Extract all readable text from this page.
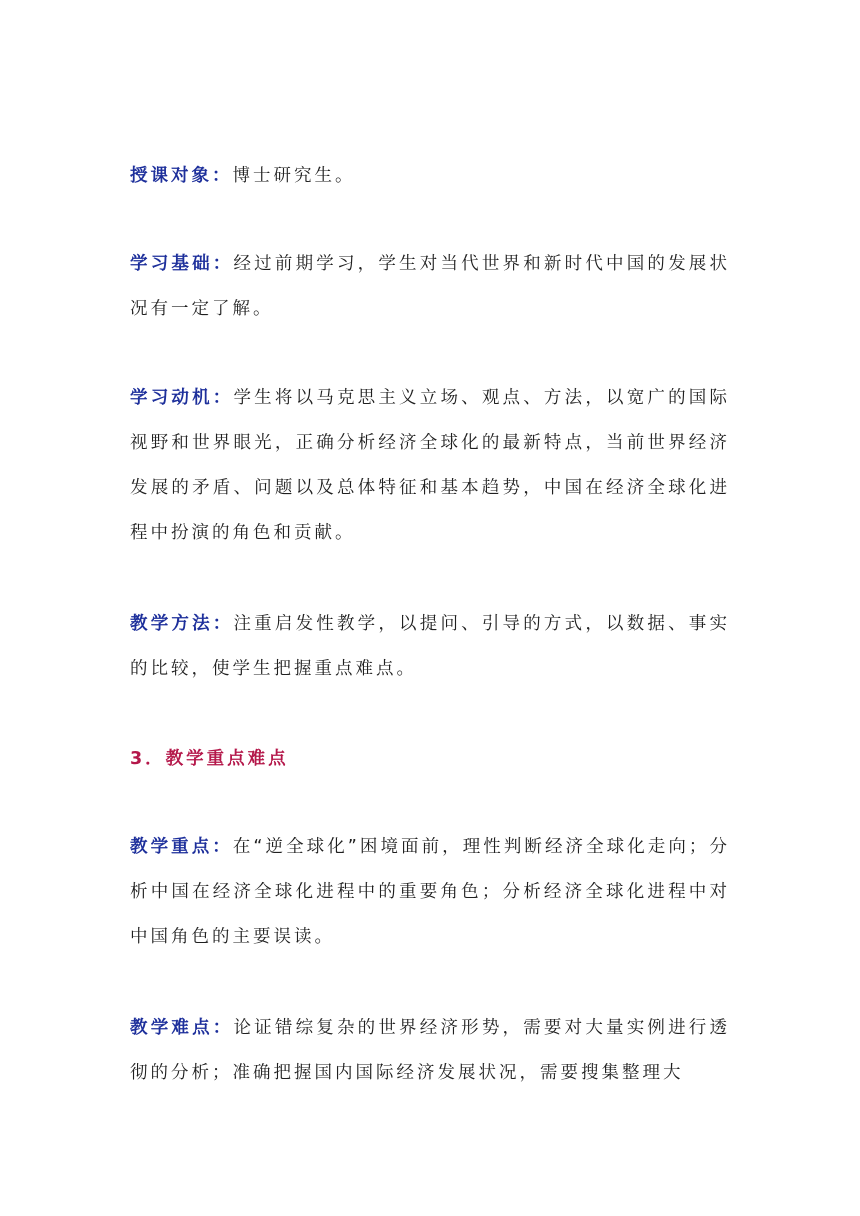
授课对象：博士研究生。

学习基础：经过前期学习，学生对当代世界和新时代中国的发展状况有一定了解。

学习动机：学生将以马克思主义立场、观点、方法，以宽广的国际视野和世界眼光，正确分析经济全球化的最新特点，当前世界经济发展的矛盾、问题以及总体特征和基本趋势，中国在经济全球化进程中扮演的角色和贡献。

教学方法：注重启发性教学，以提问、引导的方式，以数据、事实的比较，使学生把握重点难点。

3．教学重点难点

教学重点：在“逆全球化”困境面前，理性判断经济全球化走向；分析中国在经济全球化进程中的重要角色；分析经济全球化进程中对中国角色的主要误读。

教学难点：论证错综复杂的世界经济形势，需要对大量实例进行透彻的分析；准确把握国内国际经济发展状况，需要搜集整理大
